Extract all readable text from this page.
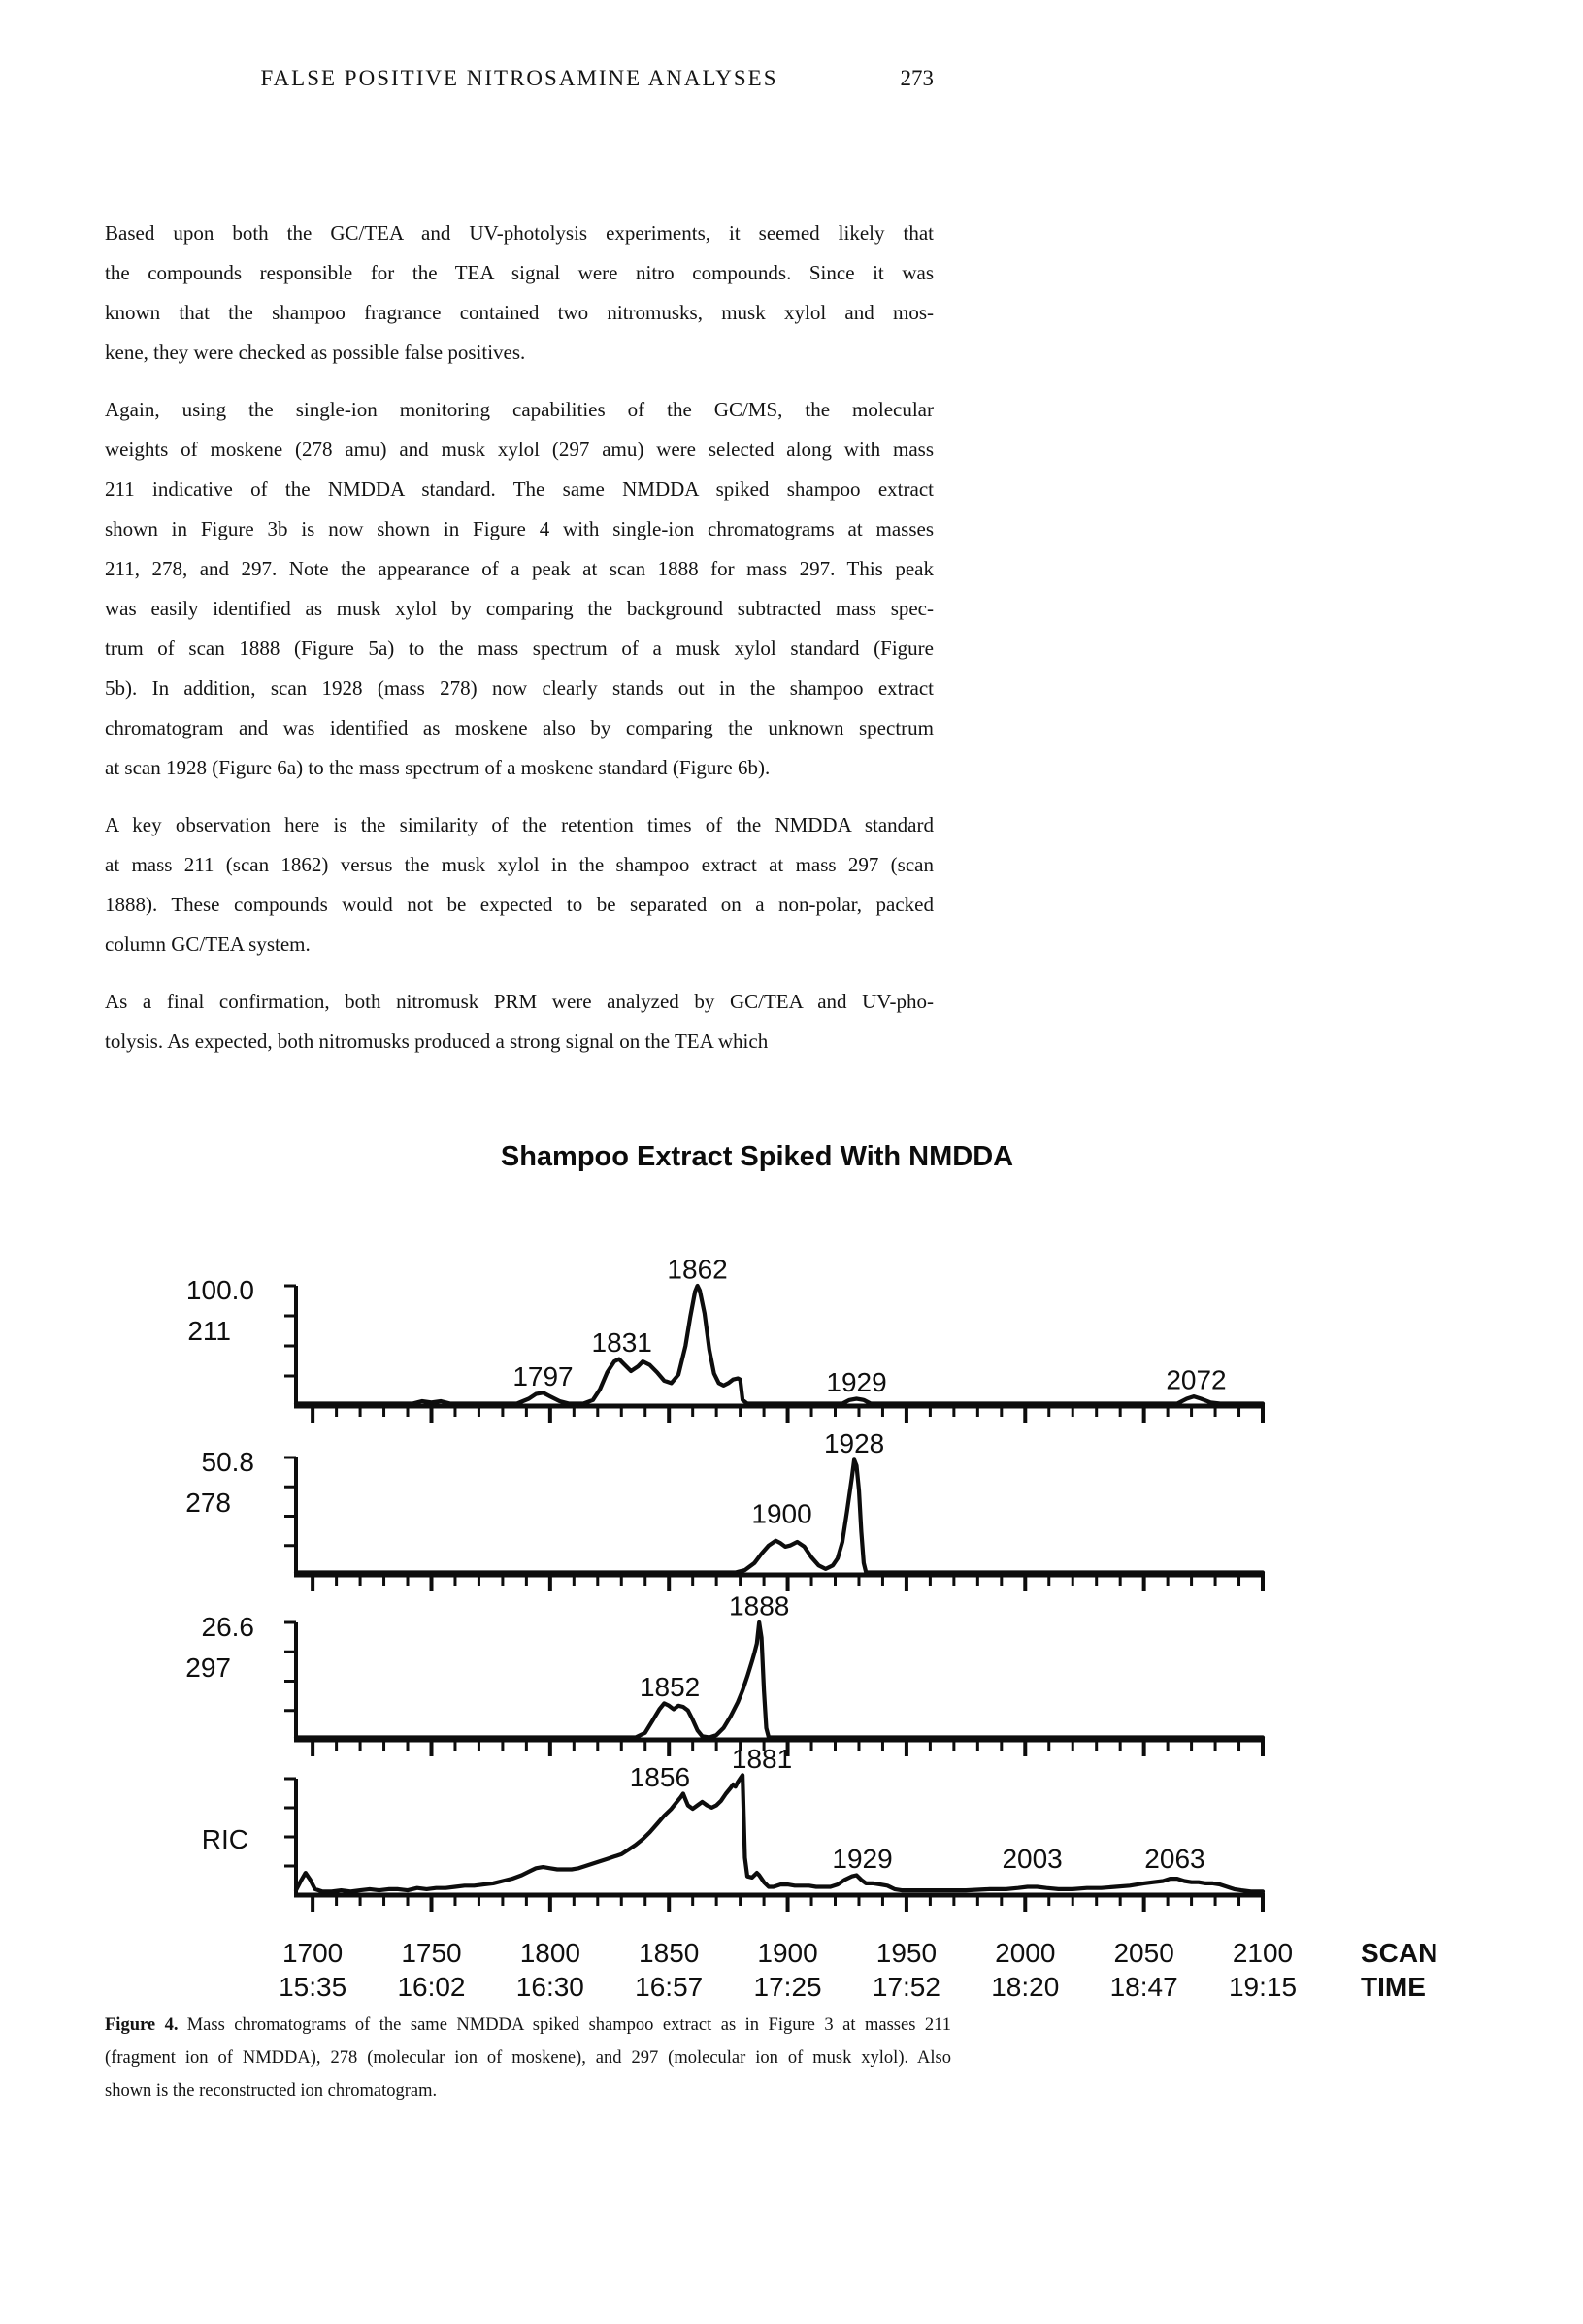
FALSE POSITIVE NITROSAMINE ANALYSES	273
Based upon both the GC/TEA and UV-photolysis experiments, it seemed likely that
the compounds responsible for the TEA signal were nitro compounds. Since it was
known that the shampoo fragrance contained two nitromusks, musk xylol and mos-
kene, they were checked as possible false positives.
Again, using the single-ion monitoring capabilities of the GC/MS, the molecular
weights of moskene (278 amu) and musk xylol (297 amu) were selected along with mass
211 indicative of the NMDDA standard. The same NMDDA spiked shampoo extract
shown in Figure 3b is now shown in Figure 4 with single-ion chromatograms at masses
211, 278, and 297. Note the appearance of a peak at scan 1888 for mass 297. This peak
was easily identified as musk xylol by comparing the background subtracted mass spec-
trum of scan 1888 (Figure 5a) to the mass spectrum of a musk xylol standard (Figure
5b). In addition, scan 1928 (mass 278) now clearly stands out in the shampoo extract
chromatogram and was identified as moskene also by comparing the unknown spectrum
at scan 1928 (Figure 6a) to the mass spectrum of a moskene standard (Figure 6b).
A key observation here is the similarity of the retention times of the NMDDA standard
at mass 211 (scan 1862) versus the musk xylol in the shampoo extract at mass 297 (scan
1888). These compounds would not be expected to be separated on a non-polar, packed
column GC/TEA system.
As a final confirmation, both nitromusk PRM were analyzed by GC/TEA and UV-pho-
tolysis. As expected, both nitromusks produced a strong signal on the TEA which
Shampoo Extract Spiked With NMDDA
100.0
211
1797
1831
1862
1929	2072
50.8
278	1900
1928
26.6
297
1852
1888
RIC
1856
1881
1929	2003	2063
1700
15:35
1750
16:02
1800
16:30
1850
16:57
1900
17:25
1950
17:52
2000
18:20
2050
18:47
2100
19:15
SCAN
TIME
Figure 4. Mass chromatograms of the same NMDDA spiked shampoo extract as in Figure 3 at masses 211
(fragment ion of NMDDA), 278 (molecular ion of moskene), and 297 (molecular ion of musk xylol). Also
shown is the reconstructed ion chromatogram.
